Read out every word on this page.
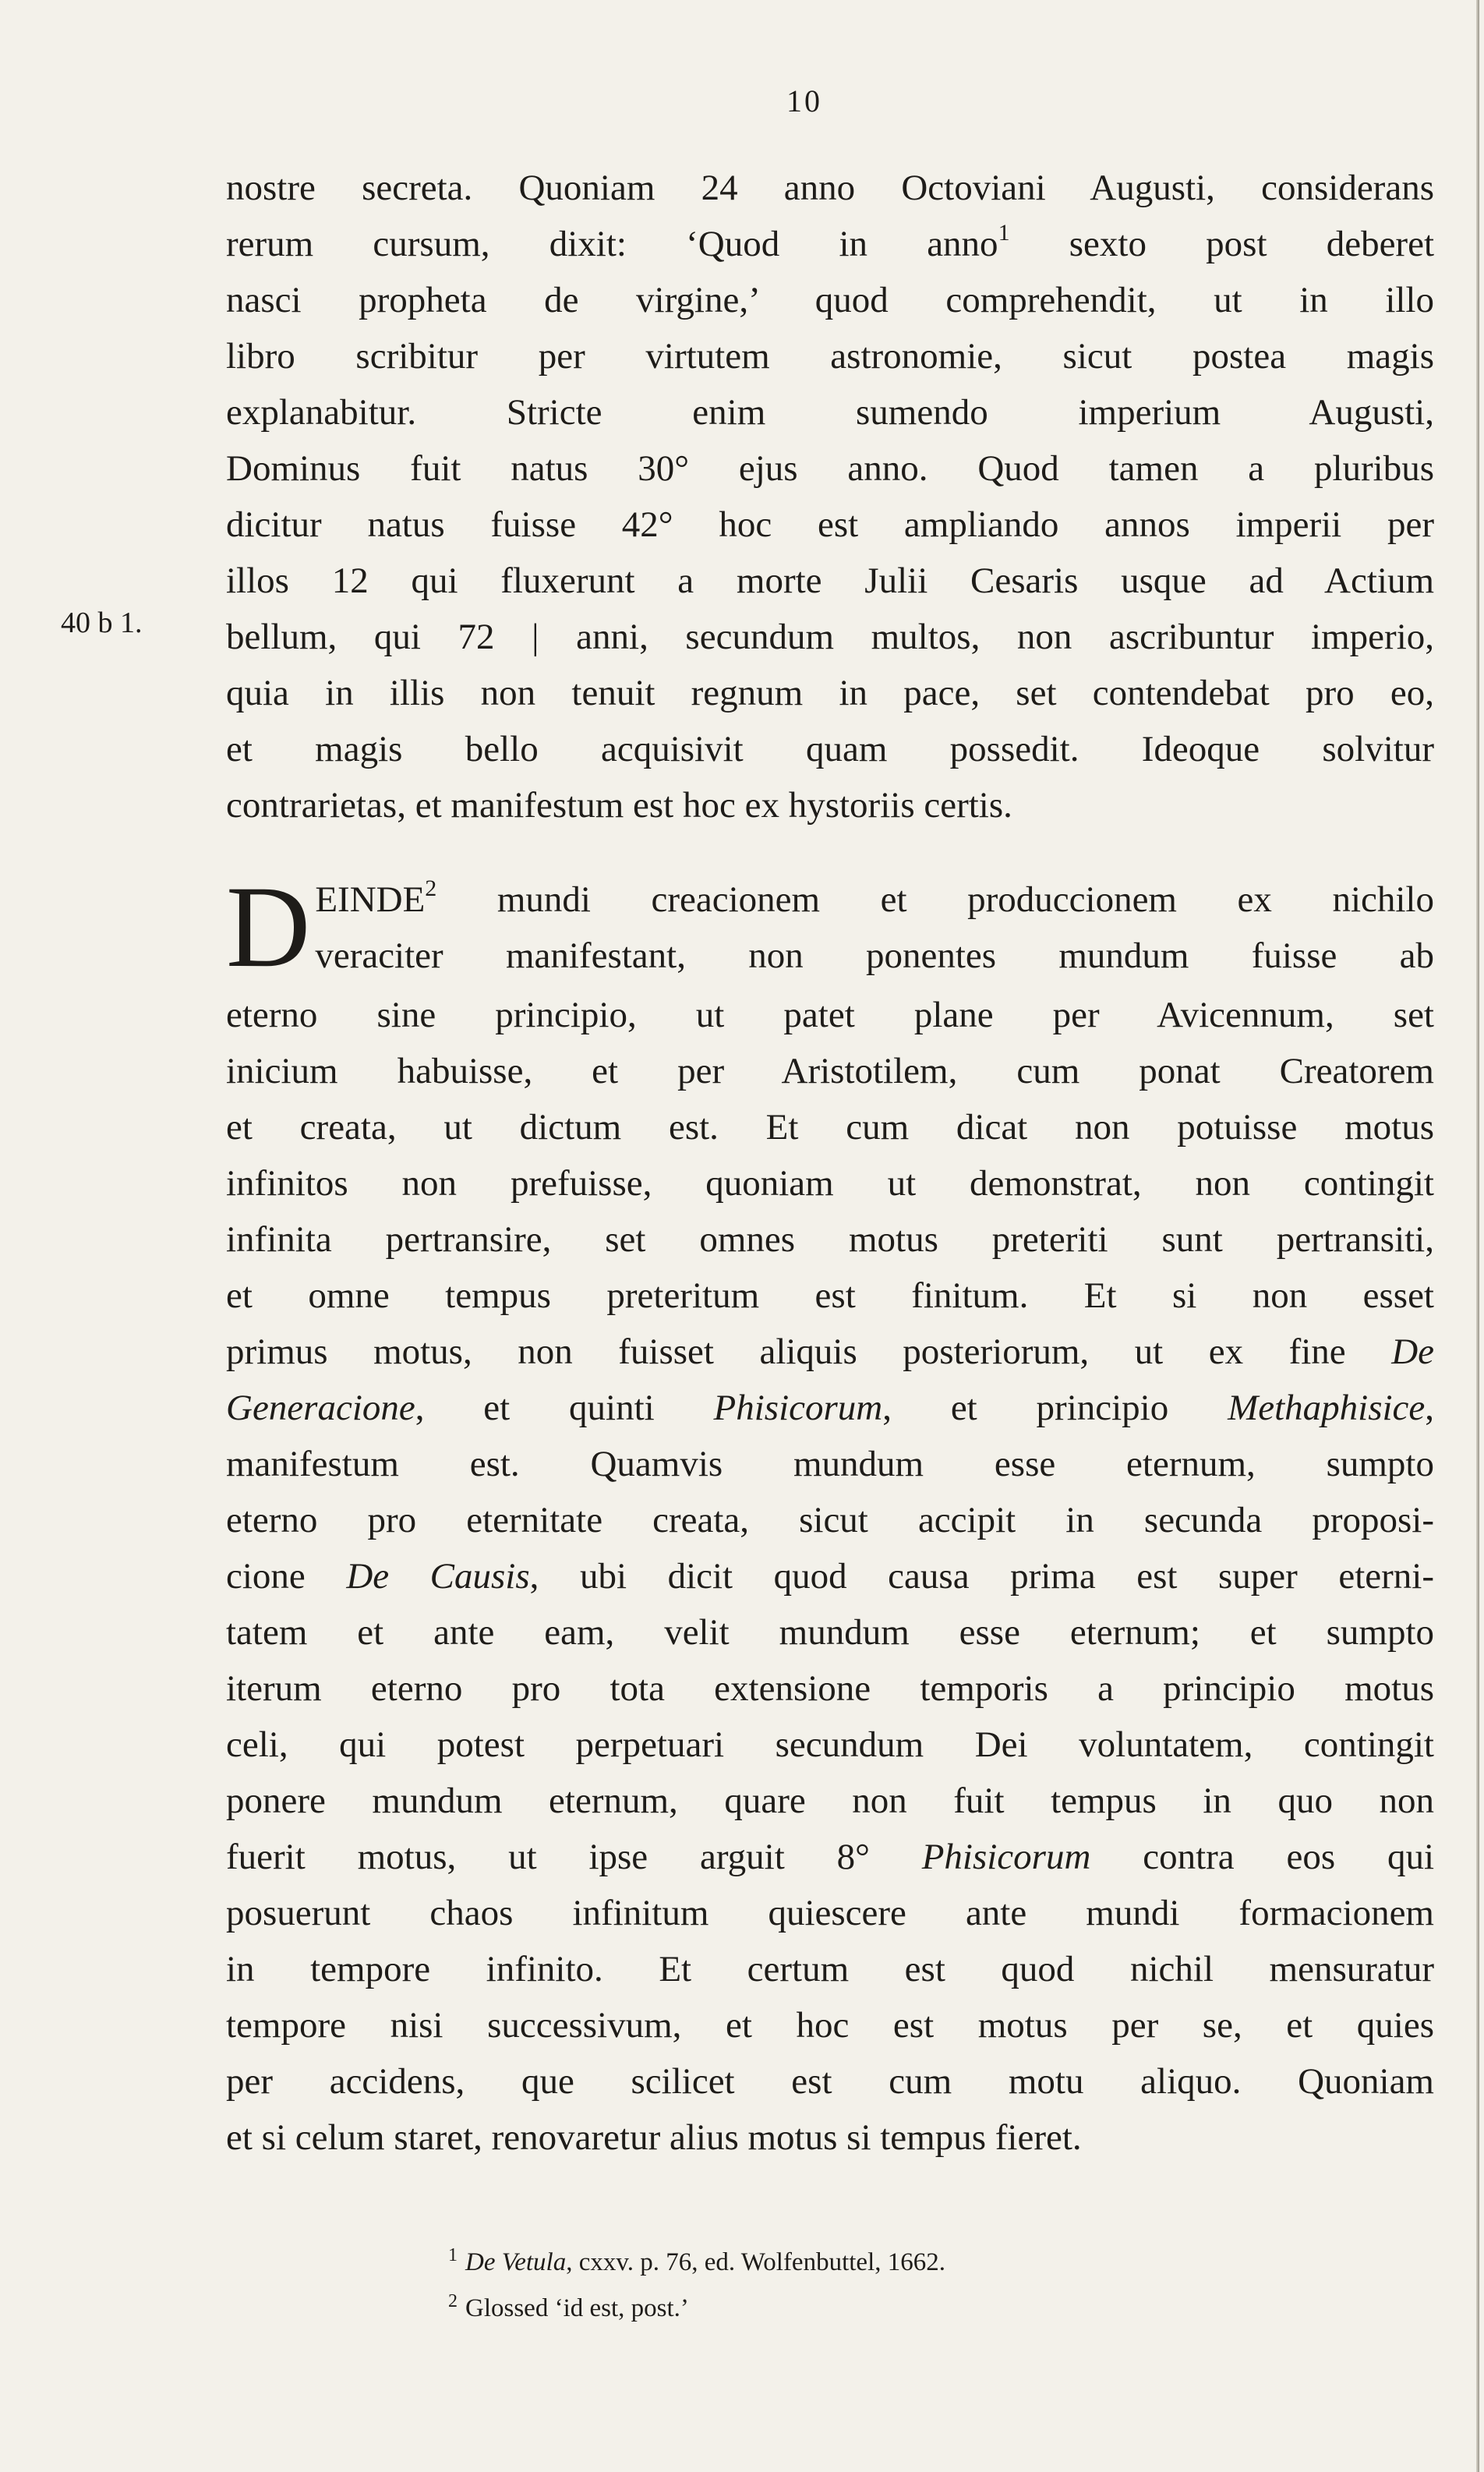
10
40 b 1.
nostre secreta. Quoniam 24 anno Octoviani Augusti, considerans
rerum cursum, dixit: ‘Quod in anno$^1$ sexto post deberet
nasci propheta de virgine,’ quod comprehendit, ut in illo
libro scribitur per virtutem astronomie, sicut postea magis
explanabitur. Stricte enim sumendo imperium Augusti,
Dominus fuit natus 30° ejus anno. Quod tamen a pluribus
dicitur natus fuisse 42° hoc est ampliando annos imperii per
illos 12 qui fluxerunt a morte Julii Cesaris usque ad Actium
bellum, qui 72 | anni, secundum multos, non ascribuntur imperio,
quia in illis non tenuit regnum in pace, set contendebat pro eo,
et magis bello acquisivit quam possedit. Ideoque solvitur
contrarietas, et manifestum est hoc ex hystoriis certis.
D EINDE$^2$ mundi creacionem et produccionem ex nichilo
veraciter manifestant, non ponentes mundum fuisse ab
eterno sine principio, ut patet plane per Avicennum, set
inicium habuisse, et per Aristotilem, cum ponat Creatorem
et creata, ut dictum est. Et cum dicat non potuisse motus
infinitos non prefuisse, quoniam ut demonstrat, non contingit
infinita pertransire, set omnes motus preteriti sunt pertransiti,
et omne tempus preteritum est finitum. Et si non esset
primus motus, non fuisset aliquis posteriorum, ut ex fine De
Generacione, et quinti Phisicorum, et principio Methaphisice,
manifestum est. Quamvis mundum esse eternum, sumpto
eterno pro eternitate creata, sicut accipit in secunda proposi-
cione De Causis, ubi dicit quod causa prima est super eterni-
tatem et ante eam, velit mundum esse eternum; et sumpto
iterum eterno pro tota extensione temporis a principio motus
celi, qui potest perpetuari secundum Dei voluntatem, contingit
ponere mundum eternum, quare non fuit tempus in quo non
fuerit motus, ut ipse arguit 8° Phisicorum contra eos qui
posuerunt chaos infinitum quiescere ante mundi formacionem
in tempore infinito. Et certum est quod nichil mensuratur
tempore nisi successivum, et hoc est motus per se, et quies
per accidens, que scilicet est cum motu aliquo. Quoniam
et si celum staret, renovaretur alius motus si tempus fieret.
$^1$ De Vetula, cxxv. p. 76, ed. Wolfenbuttel, 1662.
$^2$ Glossed ‘id est, post.’
